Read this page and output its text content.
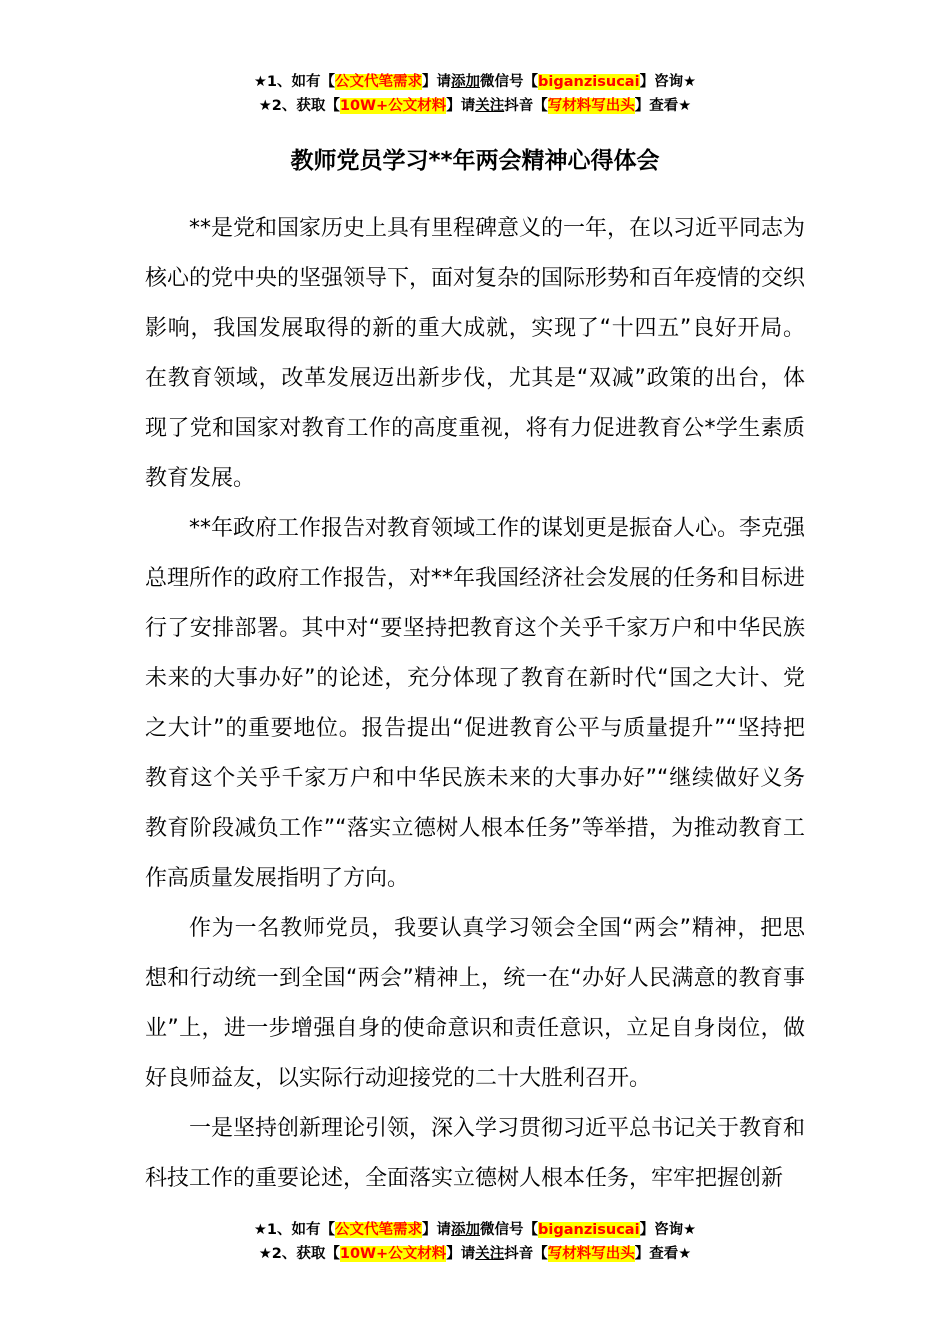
★1、如有【公文代笔需求】请添加微信号【biganzisucai】咨询★
★2、获取【10W+公文材料】请关注抖音【写材料写出头】查看★
教师党员学习**年两会精神心得体会

**是党和国家历史上具有里程碑意义的一年，在以习近平同志为核心的党中央的坚强领导下，面对复杂的国际形势和百年疫情的交织影响，我国发展取得的新的重大成就，实现了“十四五”良好开局。在教育领域，改革发展迈出新步伐，尤其是“双减”政策的出台，体现了党和国家对教育工作的高度重视，将有力促进教育公*学生素质教育发展。

**年政府工作报告对教育领域工作的谋划更是振奋人心。李克强总理所作的政府工作报告，对**年我国经济社会发展的任务和目标进行了安排部署。其中对“要坚持把教育这个关乎千家万户和中华民族未来的大事办好”的论述，充分体现了教育在新时代“国之大计、党之大计”的重要地位。报告提出“促进教育公平与质量提升”“坚持把教育这个关乎千家万户和中华民族未来的大事办好”“继续做好义务教育阶段减负工作”“落实立德树人根本任务”等举措，为推动教育工作高质量发展指明了方向。

作为一名教师党员，我要认真学习领会全国“两会”精神，把思想和行动统一到全国“两会”精神上，统一在“办好人民满意的教育事业”上，进一步增强自身的使命意识和责任意识，立足自身岗位，做好良师益友，以实际行动迎接党的二十大胜利召开。

一是坚持创新理论引领，深入学习贯彻习近平总书记关于教育和科技工作的重要论述，全面落实立德树人根本任务，牢牢把握创新

★1、如有【公文代笔需求】请添加微信号【biganzisucai】咨询★
★2、获取【10W+公文材料】请关注抖音【写材料写出头】查看★
